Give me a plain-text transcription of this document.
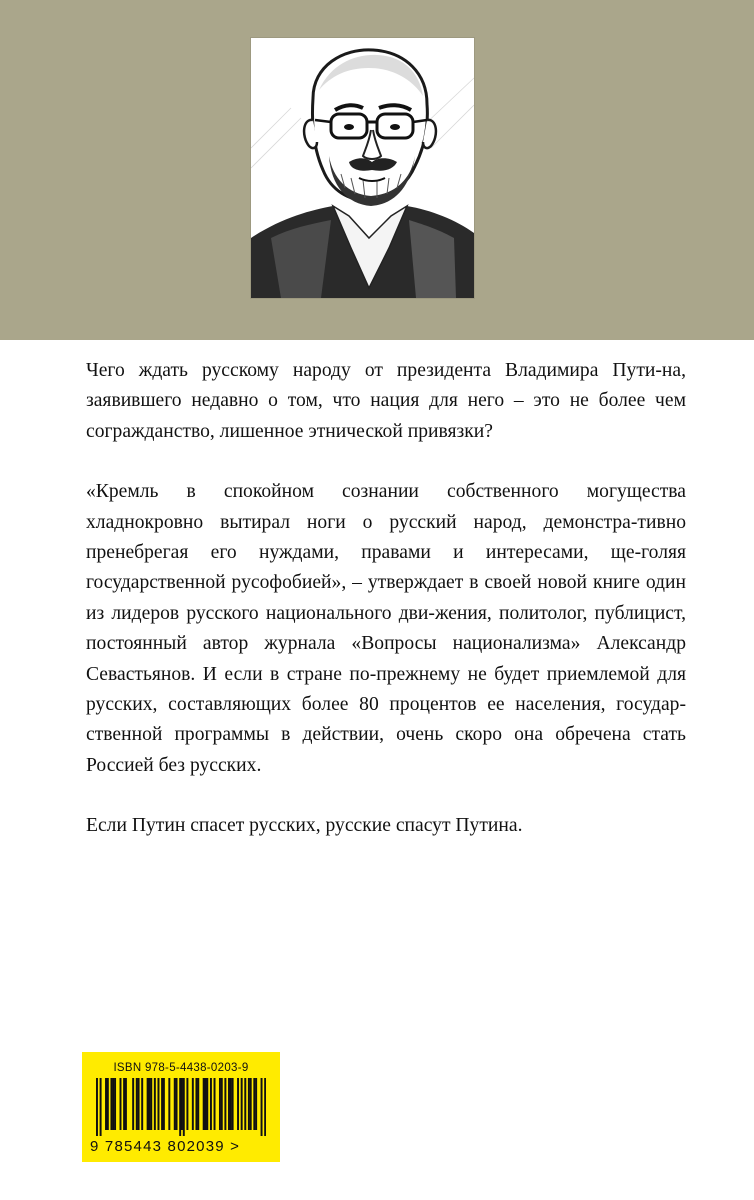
Чего ждать русскому народу от президента Владимира Пути-на, заявившего недавно о том, что нация для него – это не более чем согражданство, лишенное этнической привязки?

«Кремль в спокойном сознании собственного могущества хладнокровно вытирал ноги о русский народ, демонстра-тивно пренебрегая его нуждами, правами и интересами, ще-голяя государственной русофобией», – утверждает в своей новой книге один из лидеров русского национального дви-жения, политолог, публицист, постоянный автор журнала «Вопросы национализма» Александр Севастьянов. И если в стране по-прежнему не будет приемлемой для русских, составляющих более 80 процентов ее населения, государ-ственной программы в действии, очень скоро она обречена стать Россией без русских.

Если Путин спасет русских, русские спасут Путина.

ISBN 978-5-4438-0203-9
9 785443 802039 >
